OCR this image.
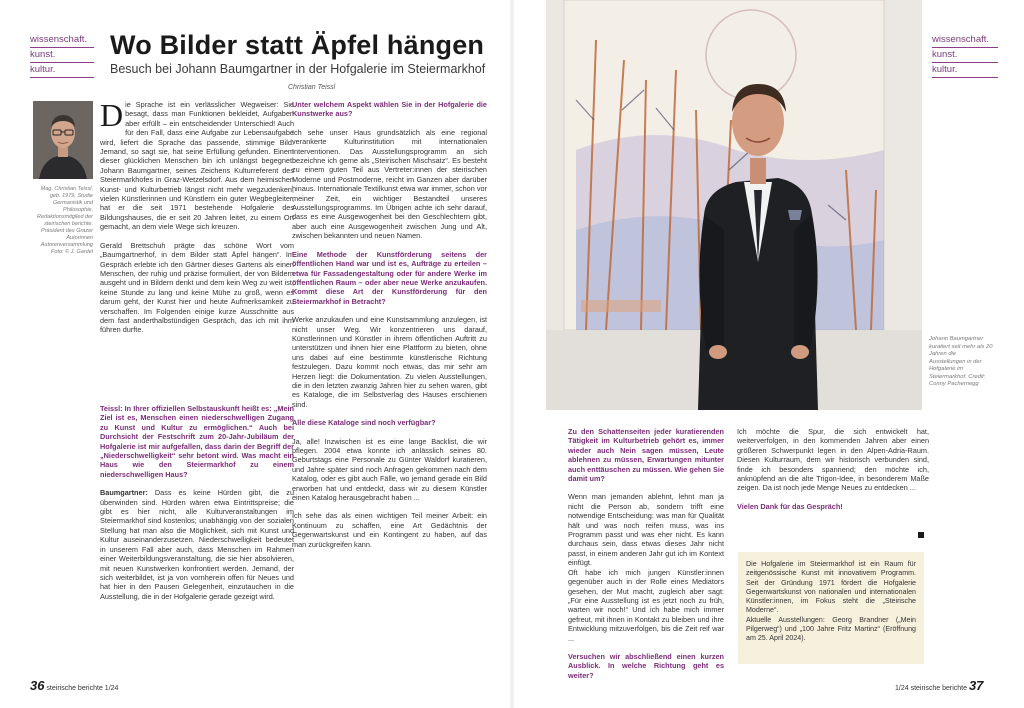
wissenschaft.
kunst.
kultur.
Wo Bilder statt Äpfel hängen
Besuch bei Johann Baumgartner in der Hofgalerie im Steiermarkhof
Christian Teissl
Mag. Christian Teissl, geb. 1979, Studie Germanistik und Philosophie. Redaktionsmitglied der steirischen berichte. Präsident des Grazer Autorinnen Autorenversammlung Foto: © J. Gardel

Die Sprache ist ein verlässlicher Wegweiser: Sie besagt, dass man Funktionen bekleidet, Aufgaben aber erfüllt – ein entscheidender Unterschied! Auch für den Fall, dass eine Aufgabe zur Lebensaufgabe wird, liefert die Sprache das passende, stimmige Bild: Jemand, so sagt sie, hat seine Erfüllung gefunden. Einem dieser glücklichen Menschen bin ich unlängst begegnet: Johann Baumgartner, seines Zeichens Kulturreferent des Steiermarkhofes in Graz-Wetzelsdorf. Aus dem heimischen Kunst- und Kulturbetrieb längst nicht mehr wegzudenken, vielen Künstlerinnen und Künstlern ein guter Wegbegleiter, hat er die seit 1971 bestehende Hofgalerie des Bildungshauses, die er seit 20 Jahren leitet, zu einem Ort gemacht, an dem viele Wege sich kreuzen.

Gerald Brettschuh prägte das schöne Wort vom „Baumgartnerhof, in dem Bilder statt Äpfel hängen“. Im Gespräch erlebte ich den Gärtner dieses Gartens als einen Menschen, der ruhig und präzise formuliert, der von Bildern ausgeht und in Bildern denkt und dem kein Weg zu weit ist, keine Stunde zu lang und keine Mühe zu groß, wenn es darum geht, der Kunst hier und heute Aufmerksamkeit zu verschaffen. Im Folgenden einige kurze Ausschnitte aus dem fast anderthalbstündigen Gespräch, das ich mit ihm führen durfte.

Teissl: In Ihrer offiziellen Selbstauskunft heißt es: „Mein Ziel ist es, Menschen einen niederschwelligen Zugang zu Kunst und Kultur zu ermöglichen.“ Auch bei Durchsicht der Festschrift zum 20-Jahr-Jubiläum der Hofgalerie ist mir aufgefallen, dass darin der Begriff der „Niederschwelligkeit“ sehr betont wird. Was macht ein Haus wie den Steiermarkhof zu einem niederschwelligen Haus?

Baumgartner: Dass es keine Hürden gibt, die zu überwinden sind. Hürden wären etwa Eintrittspreise; die gibt es hier nicht, alle Kulturveranstaltungen im Steiermarkhof sind kostenlos; unabhängig von der sozialen Stellung hat man also die Möglichkeit, sich mit Kunst und Kultur auseinanderzusetzen. Niederschwelligkeit bedeutet in unserem Fall aber auch, dass Menschen im Rahmen einer Weiterbildungsveranstaltung, die sie hier absolvieren, mit neuen Kunstwerken konfrontiert werden. Jemand, der sich weiterbildet, ist ja von vornherein offen für Neues und hat hier in den Pausen Gelegenheit, einzutauchen in die Ausstellung, die in der Hofgalerie gerade gezeigt wird.

Unter welchem Aspekt wählen Sie in der Hofgalerie die Kunstwerke aus?

Ich sehe unser Haus grundsätzlich als eine regional verankerte Kulturinstitution mit internationalen Interventionen. Das Ausstellungsprogramm an sich bezeichne ich gerne als „Steirischen Mischsatz“. Es besteht zu einem guten Teil aus Vertreter:innen der steirischen Moderne und Postmoderne, reicht im Ganzen aber darüber hinaus. Internationale Textilkunst etwa war immer, schon vor meiner Zeit, ein wichtiger Bestandteil unseres Ausstellungsprogramms. Im Übrigen achte ich sehr darauf, dass es eine Ausgewogenheit bei den Geschlechtern gibt, aber auch eine Ausgewogenheit zwischen Jung und Alt, zwischen bekannten und neuen Namen.

Eine Methode der Kunstförderung seitens der öffentlichen Hand war und ist es, Aufträge zu erteilen – etwa für Fassadengestaltung oder für andere Werke im öffentlichen Raum – oder aber neue Werke anzukaufen. Kommt diese Art der Kunstförderung für den Steiermarkhof in Betracht?

Werke anzukaufen und eine Kunstsammlung anzulegen, ist nicht unser Weg. Wir konzentrieren uns darauf, Künstlerinnen und Künstler in ihrem öffentlichen Auftritt zu unterstützen und ihnen hier eine Plattform zu bieten, ohne uns dabei auf eine bestimmte künstlerische Richtung festzulegen. Dazu kommt noch etwas, das mir sehr am Herzen liegt: die Dokumentation. Zu vielen Ausstellungen, die in den letzten zwanzig Jahren hier zu sehen waren, gibt es Kataloge, die im Selbstverlag des Hauses erschienen sind.

Alle diese Kataloge sind noch verfügbar?

Ja, alle! Inzwischen ist es eine lange Backlist, die wir pflegen. 2004 etwa konnte ich anlässlich seines 80. Geburtstags eine Personale zu Günter Waldorf kuratieren, und Jahre später sind noch Anfragen gekommen nach dem Katalog, oder es gibt auch Fälle, wo jemand gerade ein Bild erworben hat und entdeckt, dass wir zu diesem Künstler einen Katalog herausgebracht haben ...

Ich sehe das als einen wichtigen Teil meiner Arbeit: ein Kontinuum zu schaffen, eine Art Gedächtnis der Gegenwartskunst und ein Kontingent zu haben, auf das man zurückgreifen kann.

36 steirische berichte 1/24
Johann Baumgartner kuratiert seit mehr als 20 Jahren die Ausstellungen in der Hofgalerie im Steiermarkhof. Credit: Conny Pachernegg
wissenschaft.
kunst.
kultur.

Zu den Schattenseiten jeder kuratierenden Tätigkeit im Kulturbetrieb gehört es, immer wieder auch Nein sagen müssen, Leute ablehnen zu müssen, Erwartungen mitunter auch enttäuschen zu müssen. Wie gehen Sie damit um?

Wenn man jemanden ablehnt, lehnt man ja nicht die Person ab, sondern trifft eine notwendige Entscheidung: was man für Qualität hält und was noch reifen muss, was ins Programm passt und was eher nicht. Es kann durchaus sein, dass etwas dieses Jahr nicht passt, in einem anderen Jahr gut ich im Kontext einfügt.

Oft habe ich mich jungen Künstler:innen gegenüber auch in der Rolle eines Mediators gesehen, der Mut macht, zugleich aber sagt: „Für eine Ausstellung ist es jetzt noch zu früh, warten wir noch!“ Und ich habe mich immer gefreut, mit ihnen in Kontakt zu bleiben und ihre Entwicklung mitzuverfolgen, bis die Zeit reif war ...

Versuchen wir abschließend einen kurzen Ausblick. In welche Richtung geht es weiter?

Ich möchte die Spur, die sich entwickelt hat, weiterverfolgen, in den kommenden Jahren aber einen größeren Schwerpunkt legen in den Alpen-Adria-Raum. Diesen Kulturraum, dem wir historisch verbunden sind, finde ich besonders spannend; den möchte ich, anknüpfend an die alte Trigon-Idee, in besonderem Maße zeigen. Da ist noch jede Menge Neues zu entdecken ...

Vielen Dank für das Gespräch!

Die Hofgalerie im Steiermarkhof ist ein Raum für zeitgenössische Kunst mit innovativem Programm. Seit der Gründung 1971 fördert die Hofgalerie Gegenwartskunst von nationalen und internationalen Künstler:innen, im Fokus steht die „Steirische Moderne“.

Aktuelle Ausstellungen: Georg Brandner („Mein Pilgerweg“) und „100 Jahre Fritz Martinz“ (Eröffnung am 25. April 2024).

1/24 steirische berichte 37
